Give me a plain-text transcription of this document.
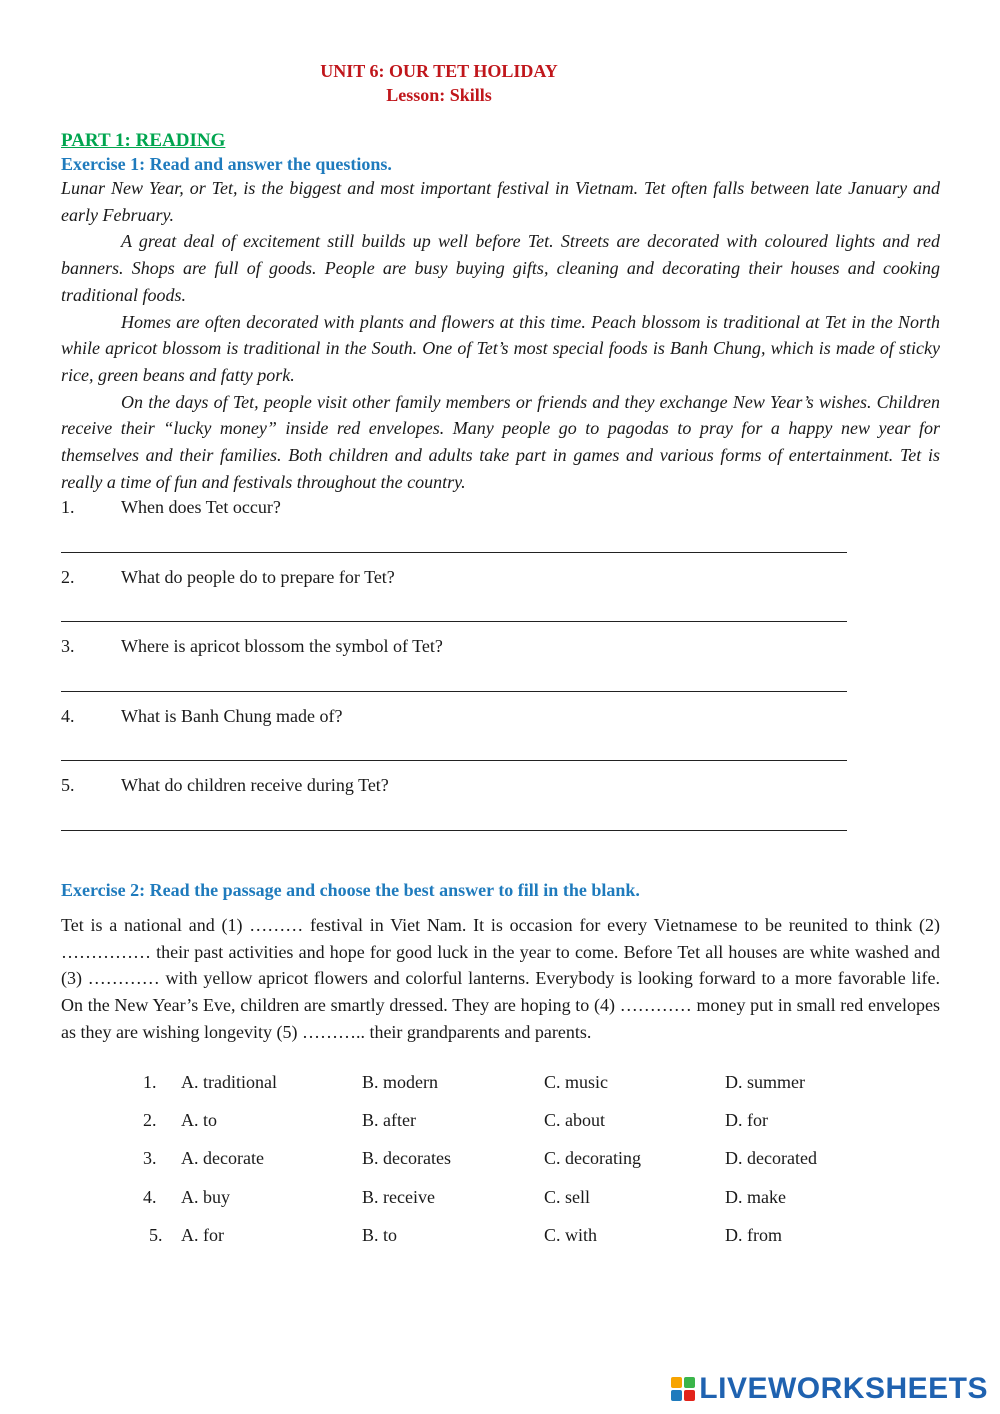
UNIT 6: OUR TET HOLIDAY
Lesson: Skills
PART 1: READING
Exercise 1: Read and answer the questions.

Lunar New Year, or Tet, is the biggest and most important festival in Vietnam. Tet often falls between late January and early February.

A great deal of excitement still builds up well before Tet. Streets are decorated with coloured lights and red banners. Shops are full of goods. People are busy buying gifts, cleaning and decorating their houses and cooking traditional foods.

Homes are often decorated with plants and flowers at this time. Peach blossom is traditional at Tet in the North while apricot blossom is traditional in the South. One of Tet’s most special foods is Banh Chung, which is made of sticky rice, green beans and fatty pork.

On the days of Tet, people visit other family members or friends and they exchange New Year’s wishes. Children receive their “lucky money” inside red envelopes. Many people go to pagodas to pray for a happy new year for themselves and their families. Both children and adults take part in games and various forms of entertainment. Tet is really a time of fun and festivals throughout the country.

1.	When does Tet occur?
2.	What do people do to prepare for Tet?
3.	Where is apricot blossom the symbol of Tet?
4.	What is Banh Chung made of?
5.	What do children receive during Tet?
Exercise 2: Read the passage and choose the best answer to fill in the blank.
Tet is a national and (1) ……… festival in Viet Nam. It is occasion for every Vietnamese to be reunited to think (2) …………… their past activities and hope for good luck in the year to come. Before Tet all houses are white washed and (3) ………… with yellow apricot flowers and colorful lanterns. Everybody is looking forward to a more favorable life. On the New Year’s Eve, children are smartly dressed. They are hoping to (4) ………… money put in small red envelopes as they are wishing longevity (5) ……….. their grandparents and parents.
1. A. traditional	B. modern	C. music	D. summer
2. A. to	B. after	C. about	D. for
3. A. decorate	B. decorates	C. decorating	D. decorated
4. A. buy	B. receive	C. sell	D. make
5. A. for	B. to	C. with	D. from
LIVEWORKSHEETS
